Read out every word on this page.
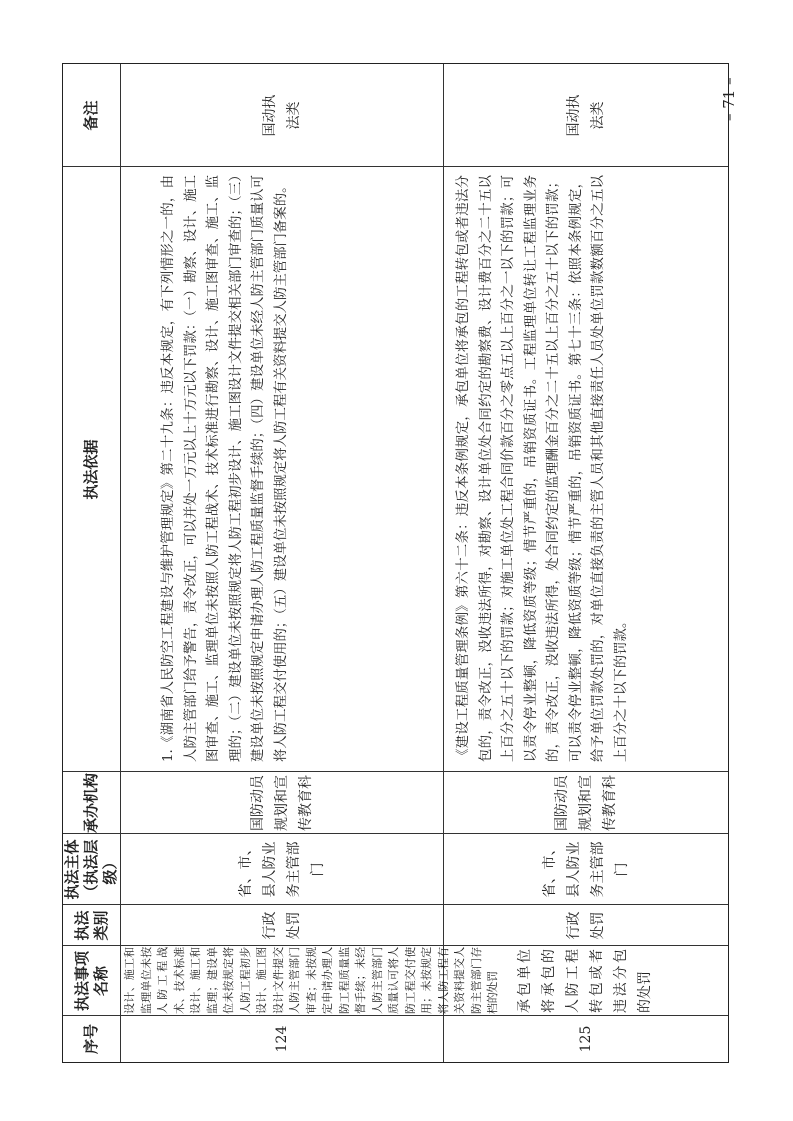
序号
执法事项
名称
执法
类别
执法主体
（执法层级）
承办机构
执法依据
备注
124
设计、施工和监理单位未按人防工程战术、技术标准设计、施工和监理；建设单位未按规定将人防工程初步设计、施工图设计文件提交人防主管部门审查；未按规定申请办理人防工程质量监督手续；未经人防主管部门质量认可将人防工程交付使用；未按规定将人防工程有关资料提交人防主管部门存档的处罚
行政处罚
省、市、县人防业务主管部门
国防动员规划和宣传教育科

1.《湖南省人民防空工程建设与维护管理规定》第二十九条：违反本规定，有下列情形之一的，由人防主管部门给予警告，责令改正，可以并处一万元以上十万元以下罚款：（一）勘察、设计、施工图审查、施工、监理单位未按照人防工程战术、技术标准进行勘察、设计、施工图审查、施工、监理的；（二）建设单位未按照规定将人防工程初步设计、施工图设计文件提交相关部门审查的；（三）建设单位未按照规定申请办理人防工程质量监督手续的；（四）建设单位未经人防主管部门质量认可将人防工程交付使用的；（五）建设单位未按照规定将人防工程有关资料提交人防主管部门备案的。

国动执法类
125
承包单位将承包的人防工程转包或者违法分包的处罚
行政处罚
省、市、县人防业务主管部门
国防动员规划和宣传教育科

《建设工程质量管理条例》第六十二条：违反本条例规定，承包单位将承包的工程转包或者违法分包的，责令改正，没收违法所得，对勘察、设计单位处合同约定的勘察费、设计费百分之二十五以上百分之五十以下的罚款；对施工单位处工程合同价款百分之零点五以上百分之一以下的罚款；可以责令停业整顿，降低资质等级；情节严重的，吊销资质证书。工程监理单位转让工程监理业务的，责令改正，没收违法所得，处合同约定的监理酬金百分之二十五以上百分之五十以下的罚款；可以责令停业整顿，降低资质等级；情节严重的，吊销资质证书。第七十三条：依照本条例规定，给予单位罚款处罚的，对单位直接负责的主管人员和其他直接责任人员处单位罚款数额百分之五以上百分之十以下的罚款。

国动执法类	– 71 –
